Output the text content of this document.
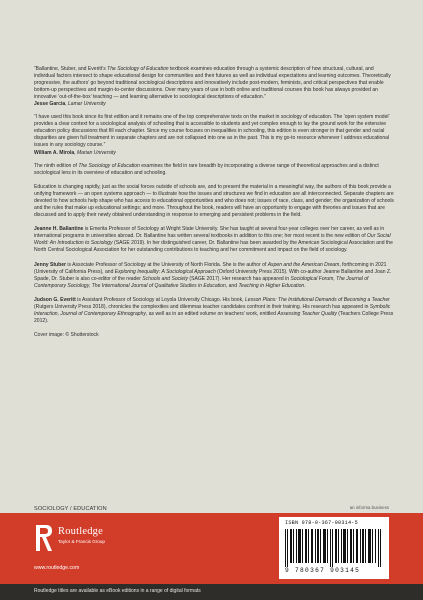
“Ballantine, Stuber, and Everitt’s The Sociology of Education textbook examines education through a systemic description of how structural, cultural, and individual factors intersect to shape educational design for communities and their futures as well as individual expectations and learning outcomes. Theoretically progressive, the authors’ go beyond traditional sociological descriptions and innovatively include post-modern, feminists, and critical perspectives that enable bottom-up perspectives and margin-to-center discussions. Over many years of use in both online and traditional courses this book has always provided an innovative ‘out-of-the-box’ teaching — and learning alternative to sociological descriptions of education.”

Jesse Garcia, Lamar University

“I have used this book since its first edition and it remains one of the top comprehensive texts on the market in sociology of education. The ‘open system model’ provides a clear context for a sociological analysis of schooling that is accessible to students and yet complex enough to lay the ground work for the extensive education policy discussions that fill each chapter. Since my course focuses on inequalities in schooling, this edition is even stronger in that gender and racial disparities are given full treatment in separate chapters and are not collapsed into one as in the past. This is my go-to resource whenever I address educational issues in any sociology course.”

William A. Mirola, Marian University

The ninth edition of The Sociology of Education examines the field in rare breadth by incorporating a diverse range of theoretical approaches and a distinct sociological lens in its overview of education and schooling.

Education is changing rapidly, just as the social forces outside of schools are, and to present the material in a meaningful way, the authors of this book provide a unifying framework — an open systems approach — to illustrate how the issues and structures we find in education are all interconnected. Separate chapters are devoted to how schools help shape who has access to educational opportunities and who does not; issues of race, class, and gender; the organization of schools and the rules that make up educational settings; and more. Throughout the book, readers will have an opportunity to engage with theories and issues that are discussed and to apply their newly obtained understanding in response to emerging and persistent problems in the field.

Jeanne H. Ballantine is Emerita Professor of Sociology at Wright State University. She has taught at several four-year colleges over her career, as well as in international programs in universities abroad. Dr. Ballantine has written several textbooks in addition to this one; her most recent is the new edition of Our Social World: An Introduction to Sociology (SAGE 2019). In her distinguished career, Dr. Ballantine has been awarded by the American Sociological Association and the North Central Sociological Association for her outstanding contributions to teaching and her commitment and impact on the field of sociology.

Jenny Stuber is Associate Professor of Sociology at the University of North Florida. She is the author of Aspen and the American Dream, forthcoming in 2021 (University of California Press), and Exploring Inequality: A Sociological Approach (Oxford University Press 2015). With co-author Jeanne Ballantine and Joan Z. Spade, Dr. Stuber is also co-editor of the reader Schools and Society (SAGE 2017). Her research has appeared in Sociological Forum, The Journal of Contemporary Sociology, The International Journal of Qualitative Studies in Education, and Teaching in Higher Education.

Judson G. Everitt is Assistant Professor of Sociology at Loyola University Chicago. His book, Lesson Plans: The Institutional Demands of Becoming a Teacher (Rutgers University Press 2018), chronicles the complexities and dilemmas teacher candidates confront in their training. His research has appeared in Symbolic Interaction, Journal of Contemporary Ethnography, as well as in an edited volume on teachers’ work, entitled Assessing Teacher Quality (Teachers College Press 2012).

Cover image: © Shutterstock

SOCIOLOGY / EDUCATION	an informa business
Routledge
Taylor & Francis Group
www.routledge.com
ISBN 978-0-367-90314-5
9 780367 903145
Routledge titles are available as eBook editions in a range of digital formats
